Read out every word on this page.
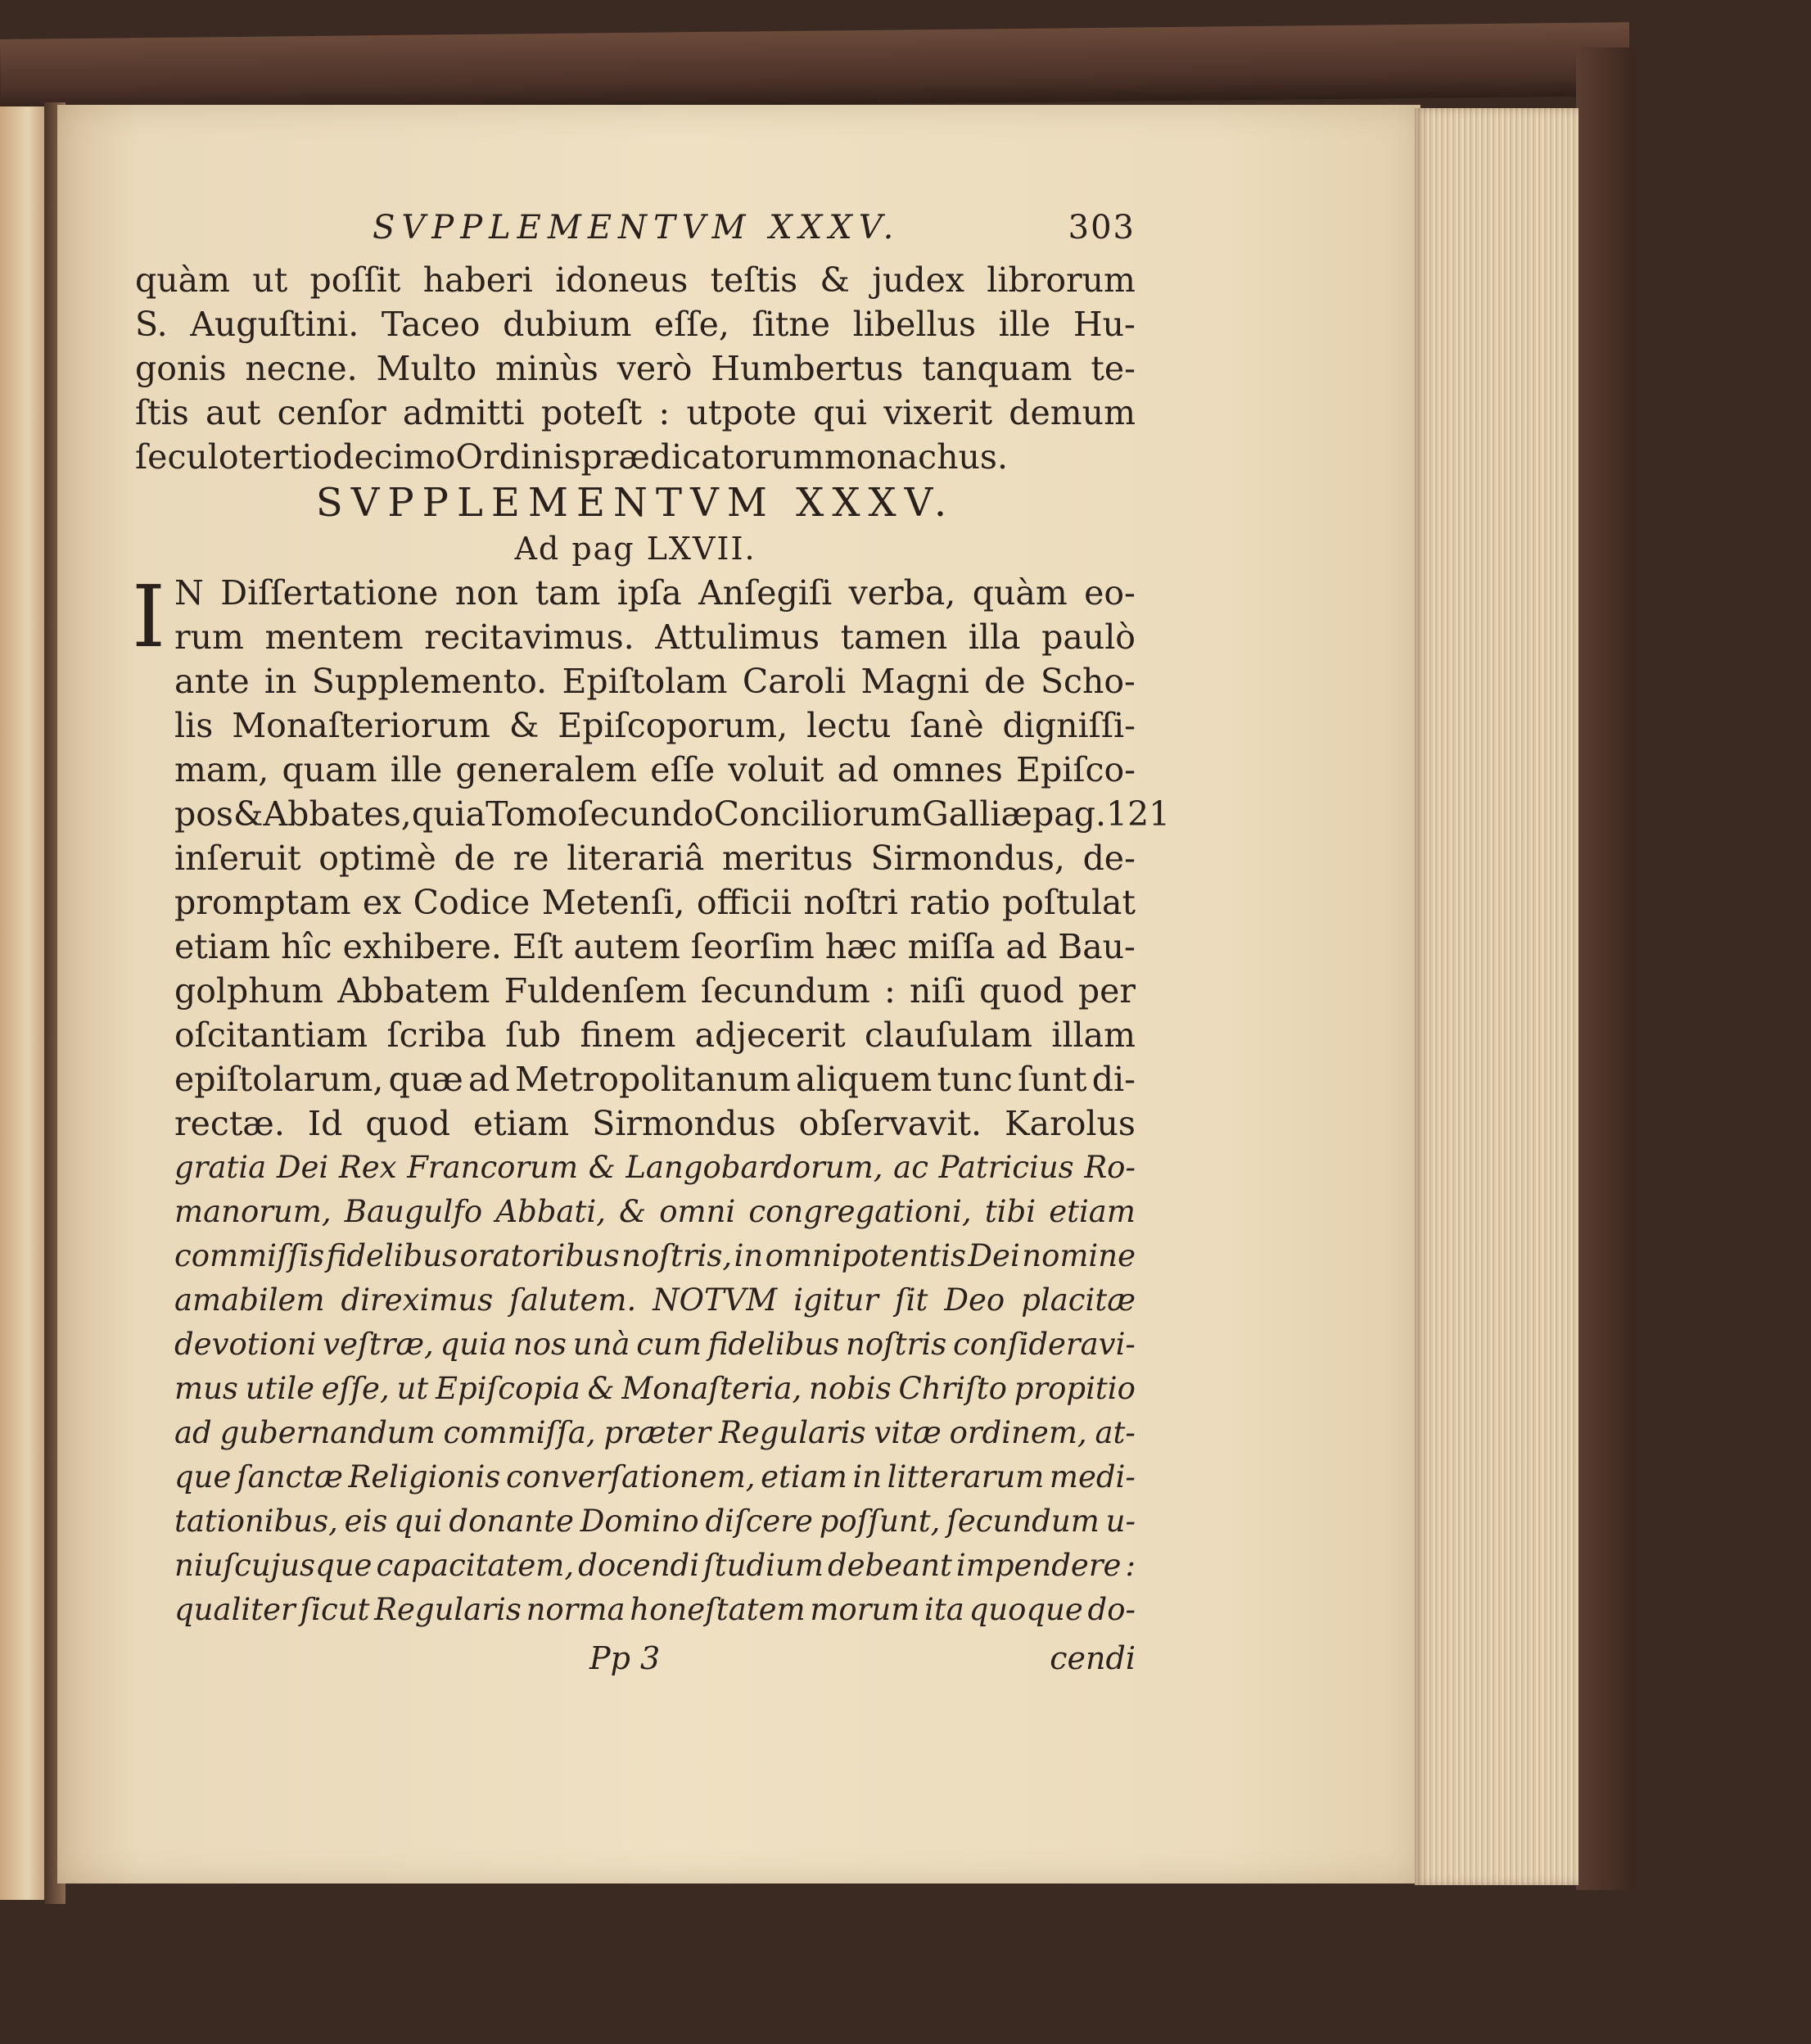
SVPPLEMENTVM XXXV.	303
quàm ut poſſit haberi idoneus teſtis & judex librorum
S. Auguſtini. Taceo dubium eſſe, ſitne libellus ille Hu-
gonis necne. Multo minùs verò Humbertus tanquam te-
ſtis aut cenſor admitti poteſt : utpote qui vixerit demum
ſeculo tertiodecimo Ordinis prædicatorum monachus.
SVPPLEMENTVM XXXV.
Ad pag LXVII.
I N Diſſertatione non tam ipſa Anſegiſi verba, quàm eo-
rum mentem recitavimus. Attulimus tamen illa paulò
ante in Supplemento. Epiſtolam Caroli Magni de Scho-
lis Monaſteriorum & Epiſcoporum, lectu ſanè digniſſi-
mam, quam ille generalem eſſe voluit ad omnes Epiſco-
pos & Abbates, quia Tomo ſecundo Conciliorum Galliæ pag. 121
inſeruit optimè de re literariâ meritus Sirmondus, de-
promptam ex Codice Metenſi, officii noſtri ratio poſtulat
etiam hîc exhibere. Eſt autem ſeorſim hæc miſſa ad Bau-
golphum Abbatem Fuldenſem ſecundum : niſi quod per
oſcitantiam ſcriba ſub finem adjecerit clauſulam illam
epiſtolarum, quæ ad Metropolitanum aliquem tunc ſunt di-
rectæ. Id quod etiam Sirmondus obſervavit. Karolus
gratia Dei Rex Francorum & Langobardorum, ac Patricius Ro-
manorum, Baugulfo Abbati, & omni congregationi, tibi etiam
commiſſis fidelibus oratoribus noſtris, in omnipotentis Dei nomine
amabilem direximus ſalutem. NOTVM igitur ſit Deo placitæ
devotioni veſtræ, quia nos unà cum fidelibus noſtris conſideravi-
mus utile eſſe, ut Epiſcopia & Monaſteria, nobis Chriſto propitio
ad gubernandum commiſſa, præter Regularis vitæ ordinem, at-
que ſanctæ Religionis converſationem, etiam in litterarum medi-
tationibus, eis qui donante Domino diſcere poſſunt, ſecundum u-
niuſcujusque capacitatem, docendi ſtudium debeant impendere :
qualiter ſicut Regularis norma honeſtatem morum ita quoque do-
Pp 3	cendi
